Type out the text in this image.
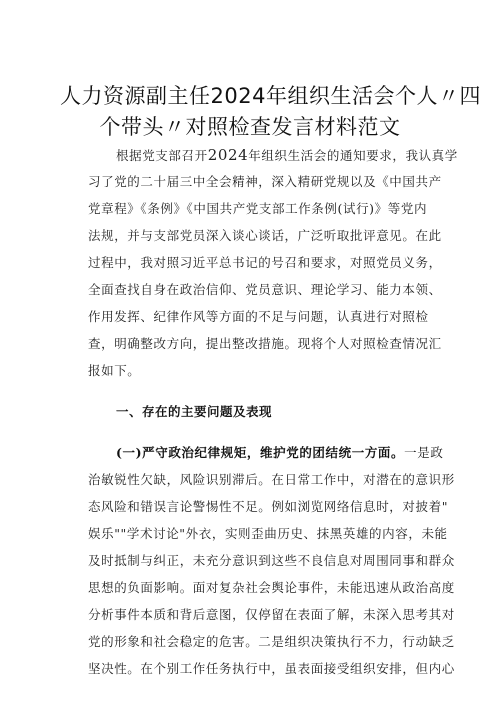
人力资源副主任2024年组织生活会个人〃四
个带头〃对照检查发言材料范文
根据党支部召开2024年组织生活会的通知要求，我认真学
习了党的二十届三中全会精神，深入精研党规以及《中国共产
党章程》《条例》《中国共产党支部工作条例(试行)》等党内
法规，并与支部党员深入谈心谈话，广泛听取批评意见。在此
过程中，我对照习近平总书记的号召和要求，对照党员义务，
全面查找自身在政治信仰、党员意识、理论学习、能力本领、
作用发挥、纪律作风等方面的不足与问题，认真进行对照检
查，明确整改方向，提出整改措施。现将个人对照检查情况汇
报如下。
一、存在的主要问题及表现
(一)严守政治纪律规矩，维护党的团结统一方面。一是政
治敏锐性欠缺，风险识别滞后。在日常工作中，对潜在的意识形
态风险和错误言论警惕性不足。例如浏览网络信息时，对披着"
娱乐""学术讨论"外衣，实则歪曲历史、抹黑英雄的内容，未能
及时抵制与纠正，未充分意识到这些不良信息对周围同事和群众
思想的负面影响。面对复杂社会舆论事件，未能迅速从政治高度
分析事件本质和背后意图，仅停留在表面了解，未深入思考其对
党的形象和社会稳定的危害。二是组织决策执行不力，行动缺乏
坚决性。在个别工作任务执行中，虽表面接受组织安排，但内心
